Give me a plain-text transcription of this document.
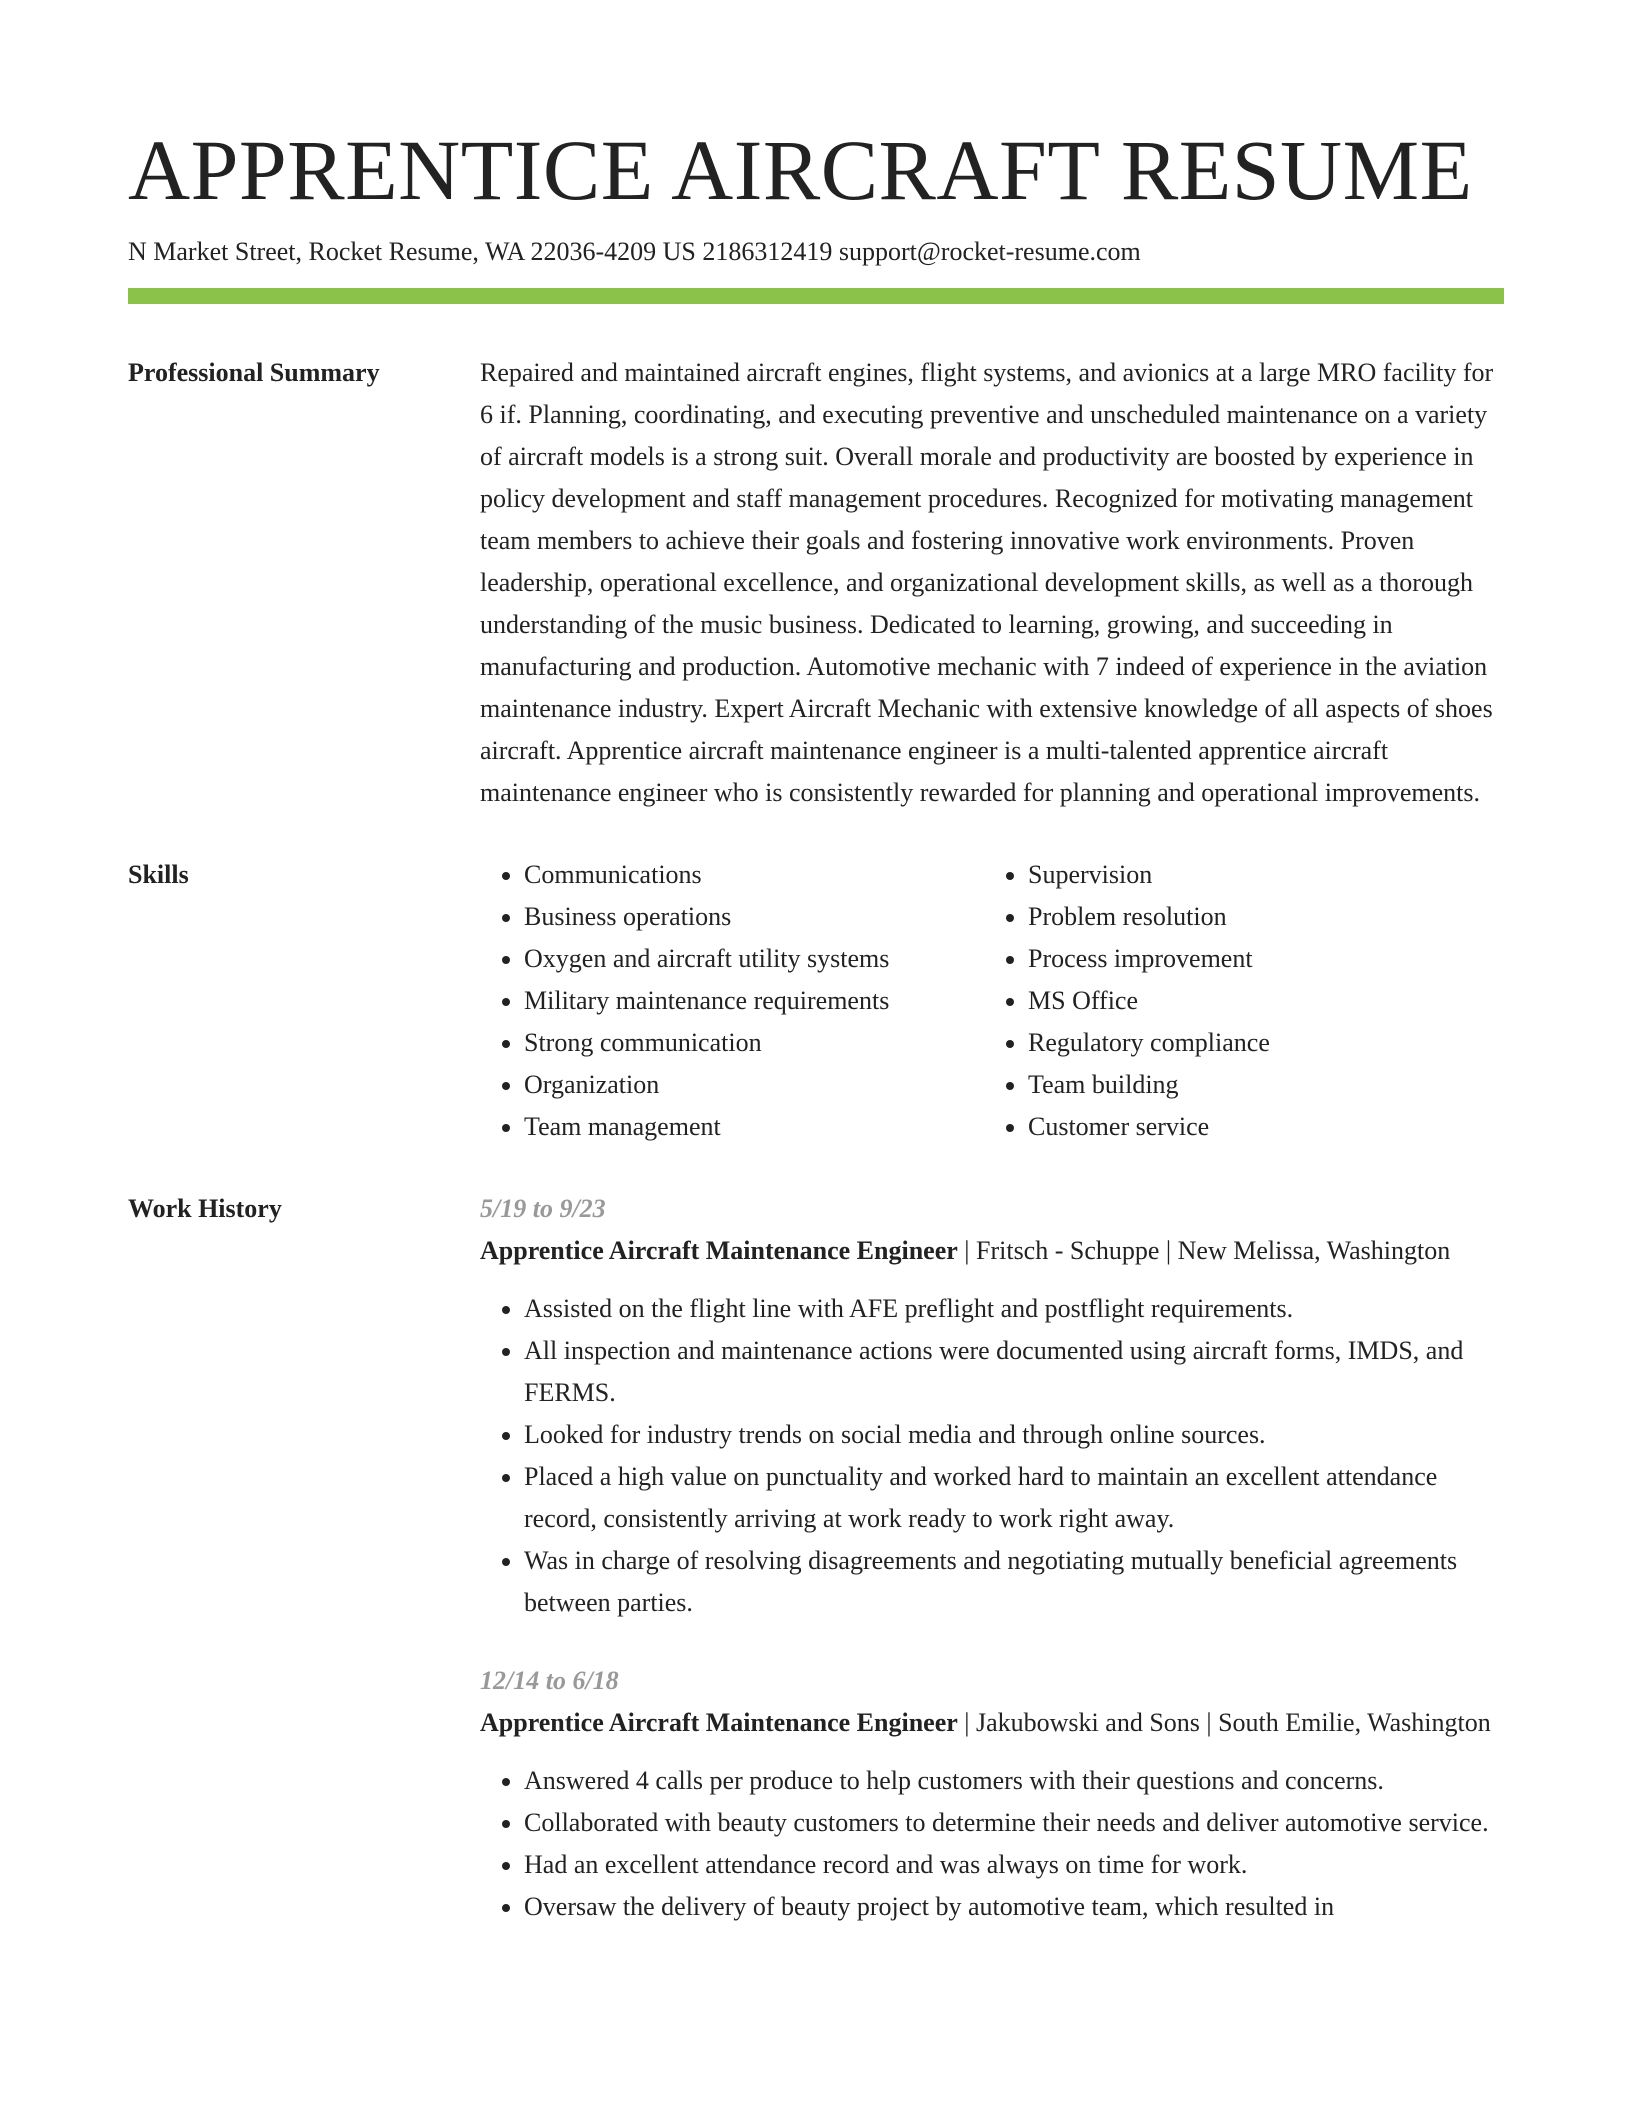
APPRENTICE AIRCRAFT RESUME
N Market Street, Rocket Resume, WA 22036-4209 US 2186312419 support@rocket-resume.com
Professional Summary	Repaired and maintained aircraft engines, flight systems, and avionics at a large MRO facility for 6 if. Planning, coordinating, and executing preventive and unscheduled maintenance on a variety of aircraft models is a strong suit. Overall morale and productivity are boosted by experience in policy development and staff management procedures. Recognized for motivating management team members to achieve their goals and fostering innovative work environments. Proven leadership, operational excellence, and organizational development skills, as well as a thorough understanding of the music business. Dedicated to learning, growing, and succeeding in manufacturing and production. Automotive mechanic with 7 indeed of experience in the aviation maintenance industry. Expert Aircraft Mechanic with extensive knowledge of all aspects of shoes aircraft. Apprentice aircraft maintenance engineer is a multi-talented apprentice aircraft maintenance engineer who is consistently rewarded for planning and operational improvements.

Skills
•	Communications
• Business operations
• Oxygen and aircraft utility systems
• Military maintenance requirements
• Strong communication
• Organization
• Team management
• Supervision
• Problem resolution
• Process improvement
• MS Office
• Regulatory compliance
• Team building
• Customer service
Work History	5/19 to 9/23
Apprentice Aircraft Maintenance Engineer | Fritsch - Schuppe | New Melissa, Washington
• Assisted on the flight line with AFE preflight and postflight requirements.
• All inspection and maintenance actions were documented using aircraft forms, IMDS, and FERMS.
• Looked for industry trends on social media and through online sources.
• Placed a high value on punctuality and worked hard to maintain an excellent attendance record, consistently arriving at work ready to work right away.
• Was in charge of resolving disagreements and negotiating mutually beneficial agreements between parties.
12/14 to 6/18
Apprentice Aircraft Maintenance Engineer | Jakubowski and Sons | South Emilie, Washington
• Answered 4 calls per produce to help customers with their questions and concerns.
• Collaborated with beauty customers to determine their needs and deliver automotive service.
• Had an excellent attendance record and was always on time for work.
• Oversaw the delivery of beauty project by automotive team, which resulted in
